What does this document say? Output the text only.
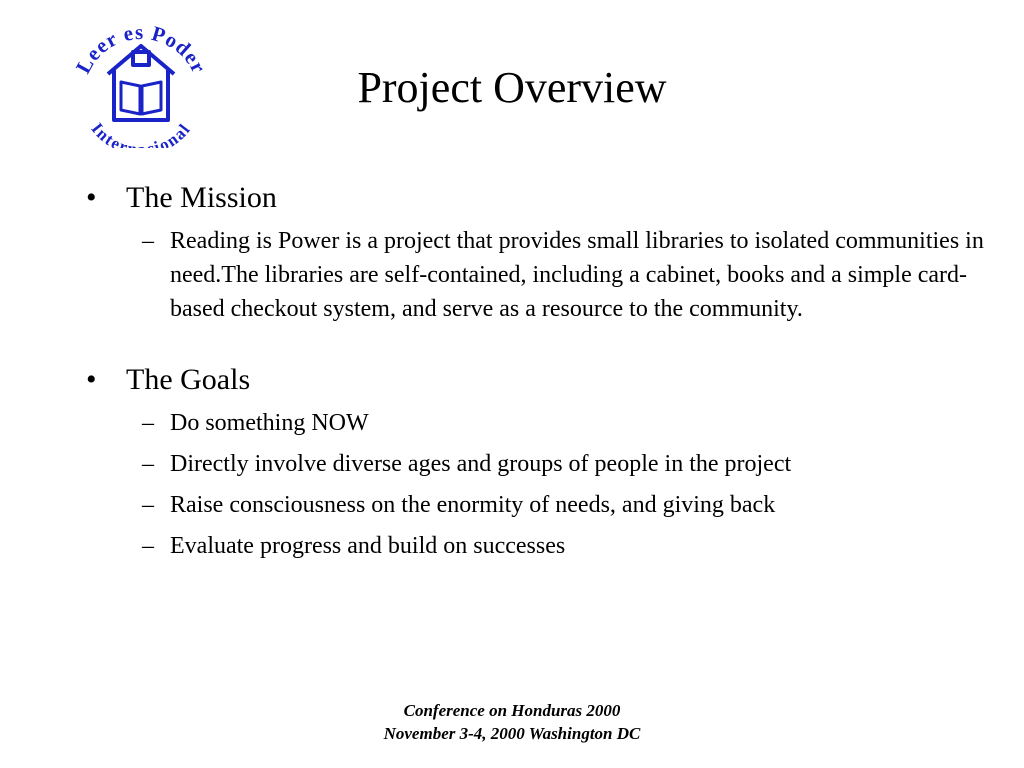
Leer es Poder
Inter ional
Project Overview
• The Mission
– Reading is Power is a project that provides small libraries to isolated communities in need.The libraries are self-contained, including a cabinet, books and a simple card-based checkout system, and serve as a resource to the community.
• The Goals
– Do something NOW
– Directly involve diverse ages and groups of people in the project
– Raise consciousness on the enormity of needs, and giving back
– Evaluate progress and build on successes
Conference on Honduras 2000
November 3-4, 2000 Washington DC
